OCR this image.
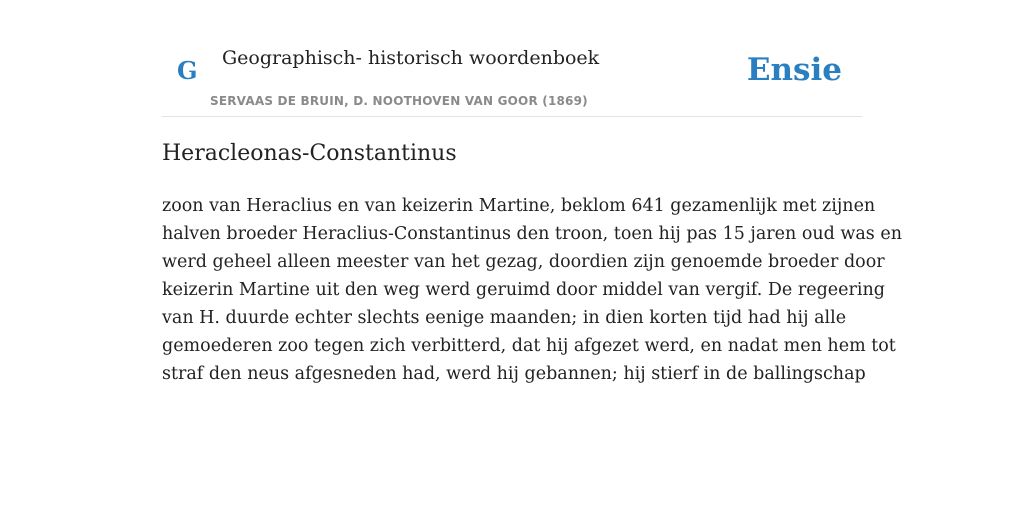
G Geographisch- historisch woordenboek
SERVAAS DE BRUIN, D. NOOTHOVEN VAN GOOR (1869)
Ensie
Heracleonas-Constantinus

zoon van Heraclius en van keizerin Martine, beklom 641 gezamenlijk met zijnen
halven broeder Heraclius-Constantinus den troon, toen hij pas 15 jaren oud was en
werd geheel alleen meester van het gezag, doordien zijn genoemde broeder door
keizerin Martine uit den weg werd geruimd door middel van vergif. De regeering
van H. duurde echter slechts eenige maanden; in dien korten tijd had hij alle
gemoederen zoo tegen zich verbitterd, dat hij afgezet werd, en nadat men hem tot
straf den neus afgesneden had, werd hij gebannen; hij stierf in de ballingschap
